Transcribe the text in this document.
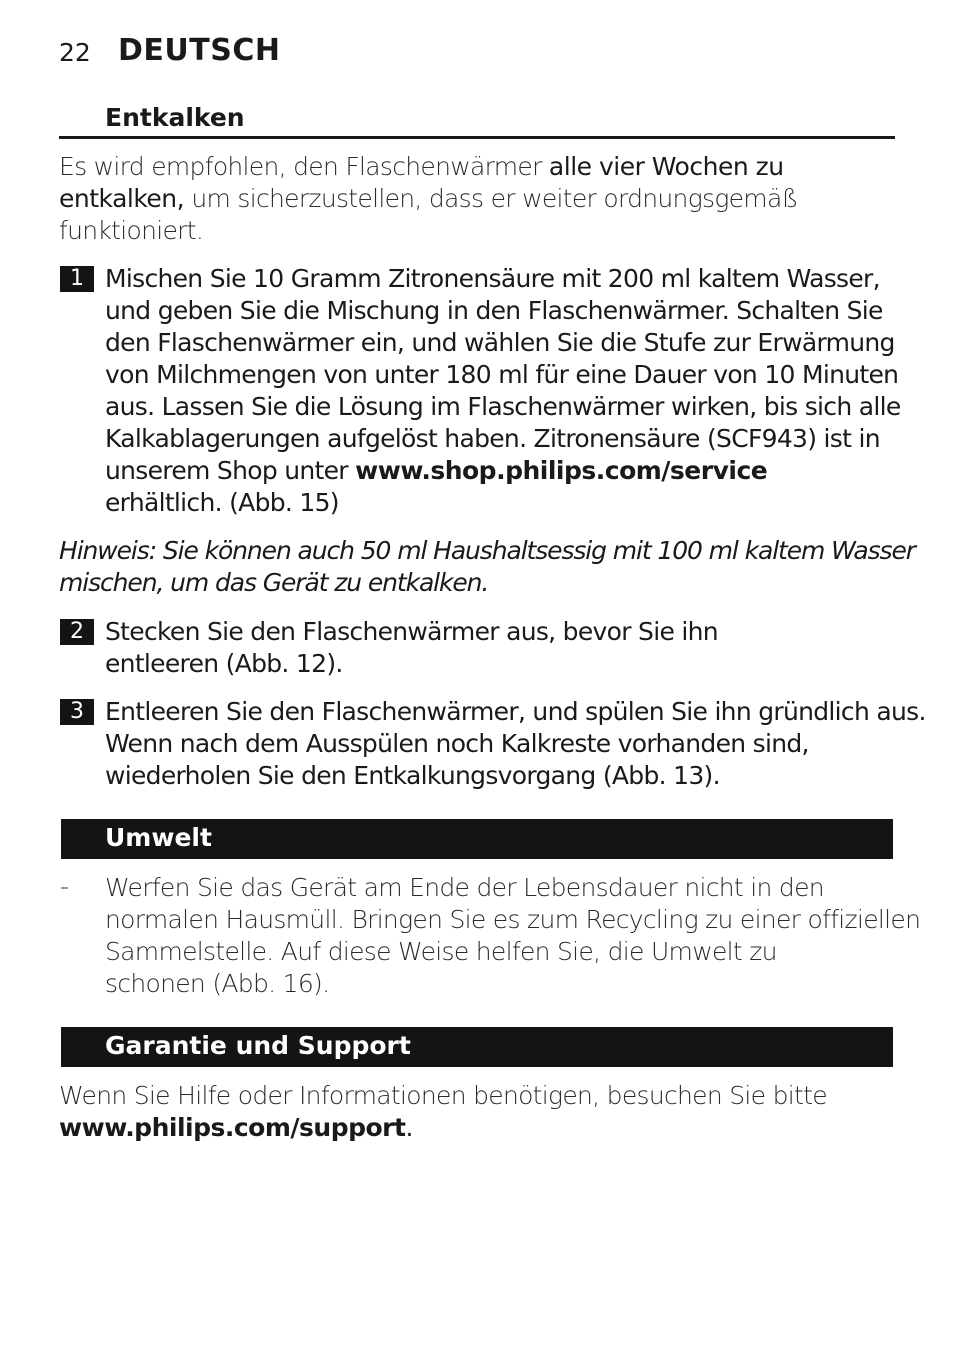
22 DEUTSCH
Entkalken
Es wird empfohlen, den Flaschenwärmer alle vier Wochen zu
entkalken, um sicherzustellen, dass er weiter ordnungsgemäß
funktioniert.
1 Mischen Sie 10 Gramm Zitronensäure mit 200 ml kaltem Wasser,
und geben Sie die Mischung in den Flaschenwärmer. Schalten Sie
den Flaschenwärmer ein, und wählen Sie die Stufe zur Erwärmung
von Milchmengen von unter 180 ml für eine Dauer von 10 Minuten
aus. Lassen Sie die Lösung im Flaschenwärmer wirken, bis sich alle
Kalkablagerungen aufgelöst haben. Zitronensäure (SCF943) ist in
unserem Shop unter www.shop.philips.com/service
erhältlich. (Abb. 15)
Hinweis: Sie können auch 50 ml Haushaltsessig mit 100 ml kaltem Wasser
mischen, um das Gerät zu entkalken.
2 Stecken Sie den Flaschenwärmer aus, bevor Sie ihn
entleeren (Abb. 12).
3 Entleeren Sie den Flaschenwärmer, und spülen Sie ihn gründlich aus.
Wenn nach dem Ausspülen noch Kalkreste vorhanden sind,
wiederholen Sie den Entkalkungsvorgang (Abb. 13).
Umwelt
- Werfen Sie das Gerät am Ende der Lebensdauer nicht in den
normalen Hausmüll. Bringen Sie es zum Recycling zu einer offiziellen
Sammelstelle. Auf diese Weise helfen Sie, die Umwelt zu
schonen (Abb. 16).
Garantie und Support
Wenn Sie Hilfe oder Informationen benötigen, besuchen Sie bitte
www.philips.com/support.
